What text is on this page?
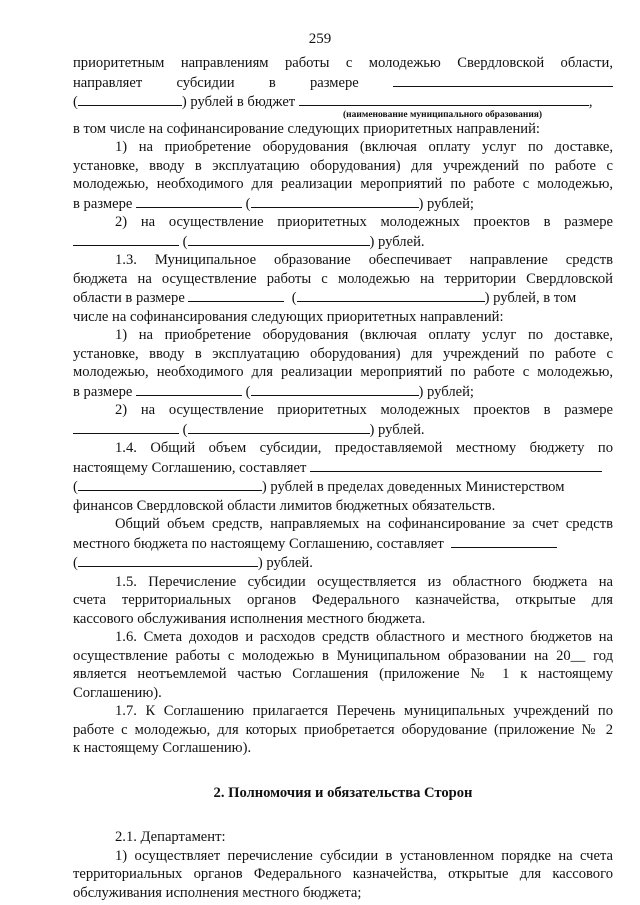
259

приоритетным направлениям работы с молодежью Свердловской области,

направляет субсидии в размере

(	) рублей в бюджет	,

(наименование муниципального образования)

в том числе на софинансирование следующих приоритетных направлений:

1) на приобретение оборудования (включая оплату услуг по доставке,

установке, вводу в эксплуатацию оборудования) для учреждений по работе с

молодежью, необходимого для реализации мероприятий по работе с молодежью,

в размере	(	) рублей;

2) на осуществление приоритетных молодежных проектов в размере

(	) рублей.

1.3. Муниципальное образование обеспечивает направление средств

бюджета на осуществление работы с молодежью на территории Свердловской

области в размере	(	) рублей, в том

числе на софинансирования следующих приоритетных направлений:

1) на приобретение оборудования (включая оплату услуг по доставке,

установке, вводу в эксплуатацию оборудования) для учреждений по работе с

молодежью, необходимого для реализации мероприятий по работе с молодежью,

в размере	(	) рублей;

2) на осуществление приоритетных молодежных проектов в размере

(	) рублей.

1.4. Общий объем субсидии, предоставляемой местному бюджету по

настоящему Соглашению, составляет

(	) рублей в пределах доведенных Министерством

финансов Свердловской области лимитов бюджетных обязательств.

Общий объем средств, направляемых на софинансирование за счет средств

местного бюджета по настоящему Соглашению, составляет

(	) рублей.

1.5. Перечисление субсидии осуществляется из областного бюджета на

счета территориальных органов Федерального казначейства, открытые для

кассового обслуживания исполнения местного бюджета.

1.6. Смета доходов и расходов средств областного и местного бюджетов на

осуществление работы с молодежью в Муниципальном образовании на 20__ год

является неотъемлемой частью Соглашения (приложение № 1 к настоящему

Соглашению).

1.7. К Соглашению прилагается Перечень муниципальных учреждений по

работе с молодежью, для которых приобретается оборудование (приложение № 2

к настоящему Соглашению).

2. Полномочия и обязательства Сторон

2.1. Департамент:

1) осуществляет перечисление субсидии в установленном порядке на счета

территориальных органов Федерального казначейства, открытые для кассового

обслуживания исполнения местного бюджета;
